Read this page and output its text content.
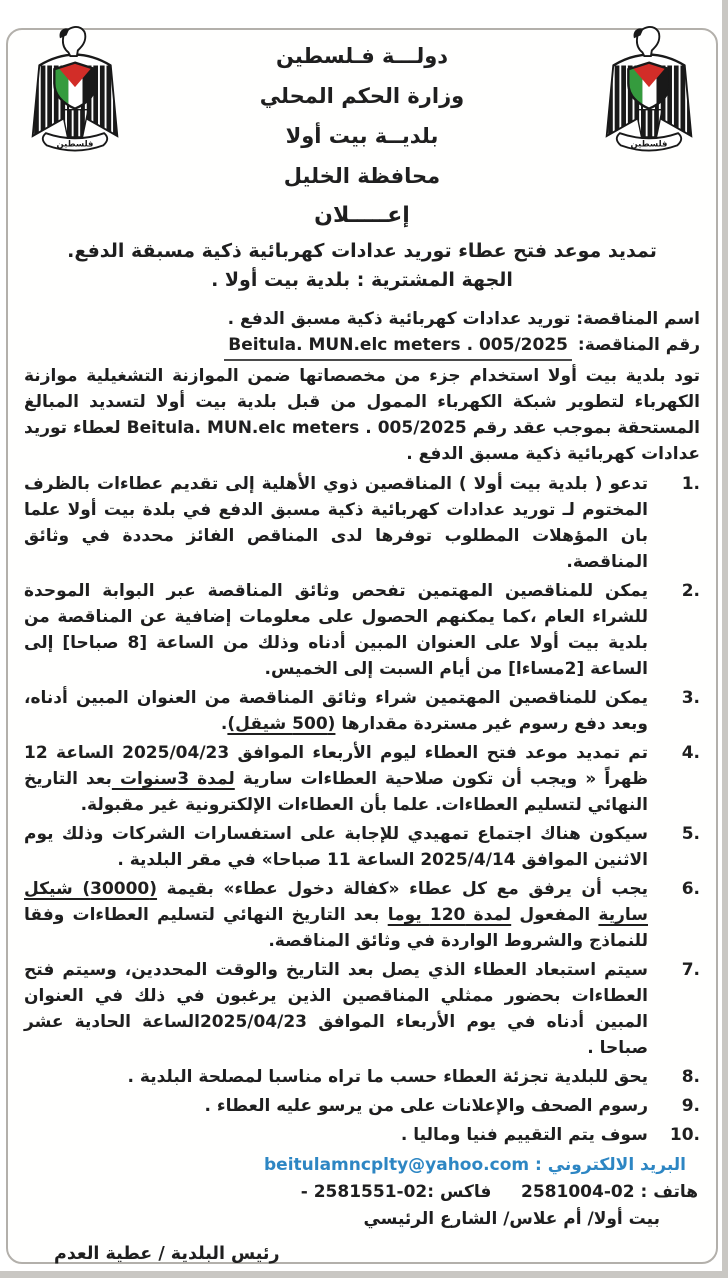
دولـــة فـلسطين
وزارة الحكم المحلي
بلديــة بيت أولا
محافظة الخليل
إعـــــلان
تمديد موعد فتح عطاء توريد عدادات كهربائية ذكية مسبقة الدفع.
الجهة المشترية : بلدية بيت أولا .
اسم المناقصة: توريد عدادات كهربائية ذكية مسبق الدفع .
رقم المناقصة: Beitula. MUN.elc meters . 005/2025
تود بلدية بيت أولا استخدام جزء من مخصصاتها ضمن الموازنة التشغيلية موازنة الكهرباء لتطوير شبكة الكهرباء الممول من قبل بلدية بيت أولا لتسديد المبالغ المستحقة بموجب عقد رقم 005/2025 . Beitula. MUN.elc meters لعطاء توريد عدادات كهربائية ذكية مسبق الدفع .
1.
تدعو ( بلدية بيت أولا ) المناقصين ذوي الأهلية إلى تقديم عطاءات بالظرف المختوم لـ توريد عدادات كهربائية ذكية مسبق الدفع في بلدة بيت أولا علما بان المؤهلات المطلوب توفرها لدى المناقص الفائز محددة في وثائق المناقصة.
2.
يمكن للمناقصين المهتمين تفحص وثائق المناقصة عبر البوابة الموحدة للشراء العام ،كما يمكنهم الحصول على معلومات إضافية عن المناقصة من بلدية بيت أولا على العنوان المبين أدناه وذلك من الساعة [8 صباحا] إلى الساعة [2مساءا] من أيام السبت إلى الخميس.
3.
يمكن للمناقصين المهتمين شراء وثائق المناقصة من العنوان المبين أدناه، وبعد دفع رسوم غير مستردة مقدارها (500 شيقل).
4.
تم تمديد موعد فتح العطاء ليوم الأربعاء الموافق 2025/04/23 الساعة 12 ظهراً « ويجب أن تكون صلاحية العطاءات سارية لمدة 3سنوات بعد التاريخ النهائي لتسليم العطاءات. علما بأن العطاءات الإلكترونية غير مقبولة.
5.
سيكون هناك اجتماع تمهيدي للإجابة على استفسارات الشركات وذلك يوم الاثنين الموافق 2025/4/14 الساعة 11 صباحا» في مقر البلدية .
6.
يجب أن يرفق مع كل عطاء «كفالة دخول عطاء» بقيمة (30000) شيكل سارية المفعول لمدة 120 يوما بعد التاريخ النهائي لتسليم العطاءات وفقا للنماذج والشروط الواردة في وثائق المناقصة.
7.
سيتم استبعاد العطاء الذي يصل بعد التاريخ والوقت المحددين، وسيتم فتح العطاءات بحضور ممثلي المناقصين الذين يرغبون في ذلك في العنوان المبين أدناه في يوم الأربعاء الموافق 2025/04/23الساعة الحادية عشر صباحا .
8.
يحق للبلدية تجزئة العطاء حسب ما تراه مناسبا لمصلحة البلدية .
9.
رسوم الصحف والإعلانات على من يرسو عليه العطاء .
10.
سوف يتم التقييم فنيا وماليا .
البريد الالكتروني : beitulamncplty@yahoo.com
هاتف : 02-2581004     فاكس :02-2581551 -
بيت أولا/ أم علاس/ الشارع الرئيسي
رئيس البلدية / عطية العدم
